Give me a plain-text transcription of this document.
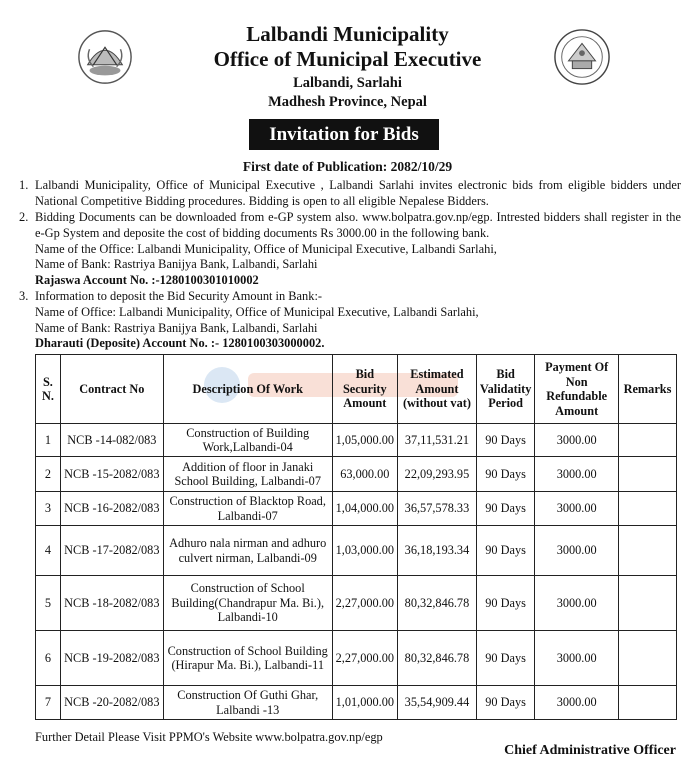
Lalbandi Municipality
Office of Municipal Executive
Lalbandi, Sarlahi
Madhesh Province, Nepal
Invitation for Bids
First date of Publication: 2082/10/29
1. Lalbandi Municipality, Office of Municipal Executive , Lalbandi Sarlahi invites electronic bids from eligible bidders under National Competitive Bidding procedures. Bidding is open to all eligible Nepalese Bidders.
2. Bidding Documents can be downloaded from e-GP system also. www.bolpatra.gov.np/egp. Intrested bidders shall register in the e-Gp System and deposite the cost of bidding documents Rs 3000.00 in the following bank.
Name of the Office: Lalbandi Municipality, Office of Municipal Executive, Lalbandi Sarlahi,
Name of Bank: Rastriya Banijya Bank, Lalbandi, Sarlahi
Rajaswa Account No. :-1280100301010002
3. Information to deposit the Bid Security Amount in Bank:-
Name of Office: Lalbandi Municipality, Office of Municipal Executive, Lalbandi Sarlahi,
Name of Bank: Rastriya Banijya Bank, Lalbandi, Sarlahi
Dharauti (Deposite) Account No. :- 1280100303000002.
S. N.	Contract No	Description Of Work	Bid Security Amount	Estimated Amount (without vat)	Bid Validatity Period	Payment Of Non Refundable Amount	Remarks
1	NCB -14-082/083	Construction of Building Work,Lalbandi-04	1,05,000.00	37,11,531.21	90 Days	3000.00	
2	NCB -15-2082/083	Addition of floor in Janaki School Building, Lalbandi-07	63,000.00	22,09,293.95	90 Days	3000.00	
3	NCB -16-2082/083	Construction of Blacktop Road, Lalbandi-07	1,04,000.00	36,57,578.33	90 Days	3000.00	
4	NCB -17-2082/083	Adhuro nala nirman and adhuro culvert nirman, Lalbandi-09	1,03,000.00	36,18,193.34	90 Days	3000.00	
5	NCB -18-2082/083	Construction of School Building(Chandrapur Ma. Bi.), Lalbandi-10	2,27,000.00	80,32,846.78	90 Days	3000.00	
6	NCB -19-2082/083	Construction of School Building (Hirapur Ma. Bi.), Lalbandi-11	2,27,000.00	80,32,846.78	90 Days	3000.00	
7	NCB -20-2082/083	Construction Of Guthi Ghar, Lalbandi -13	1,01,000.00	35,54,909.44	90 Days	3000.00	
Further Detail Please Visit PPMO's Website www.bolpatra.gov.np/egp
Chief Administrative Officer
